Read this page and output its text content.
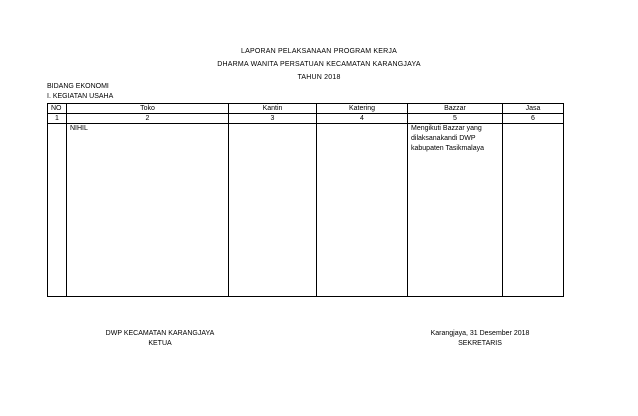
LAPORAN PELAKSANAAN PROGRAM KERJA
DHARMA WANITA PERSATUAN KECAMATAN KARANGJAYA
TAHUN 2018
BIDANG EKONOMI
I. KEGIATAN USAHA
NO	Toko	Kantin	Katering	Bazzar	Jasa
1	2	3	4	5	6
	NIHIL			Mengikuti Bazzar yang dilaksanakandi DWP kabupaten Tasikmalaya	

DWP KECAMATAN KARANGJAYA
KETUA
Karangjaya, 31 Desember 2018
SEKRETARIS
